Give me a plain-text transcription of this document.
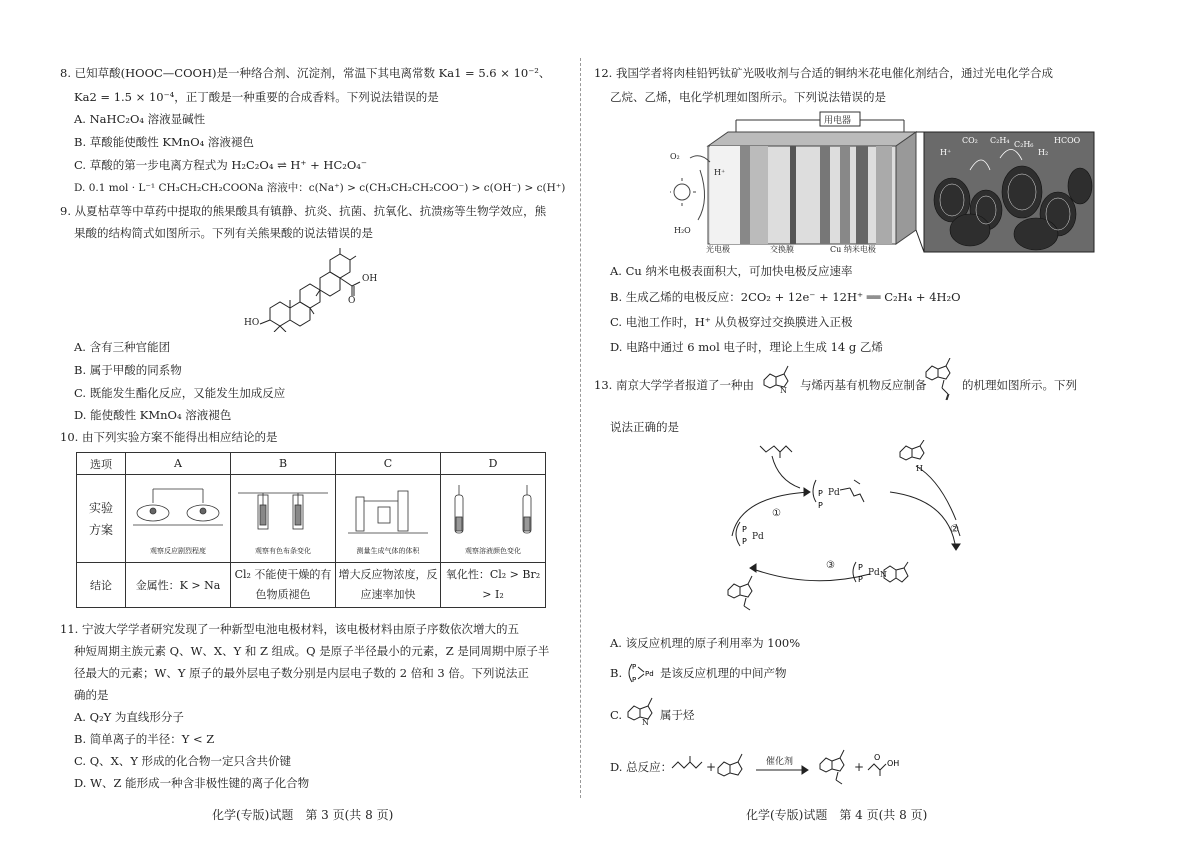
8. 已知草酸(HOOC—COOH)是一种络合剂、沉淀剂，常温下其电离常数 Ka1 = 5.6 × 10⁻²、
Ka2 = 1.5 × 10⁻⁴，正丁酸是一种重要的合成香料。下列说法错误的是
A. NaHC₂O₄ 溶液显碱性
B. 草酸能使酸性 KMnO₄ 溶液褪色
C. 草酸的第一步电离方程式为 H₂C₂O₄ ⇌ H⁺ + HC₂O₄⁻
D. 0.1 mol · L⁻¹ CH₃CH₂CH₂COONa 溶液中：c(Na⁺) > c(CH₃CH₂CH₂COO⁻) > c(OH⁻) > c(H⁺)
9. 从夏枯草等中草药中提取的熊果酸具有镇静、抗炎、抗菌、抗氧化、抗溃疡等生物学效应，熊
果酸的结构简式如图所示。下列有关熊果酸的说法错误的是
OH
O
HO
A. 含有三种官能团
B. 属于甲酸的同系物
C. 既能发生酯化反应，又能发生加成反应
D. 能使酸性 KMnO₄ 溶液褪色
10. 由下列实验方案不能得出相应结论的是
选项	A	B	C	D
实验方案	观察反应剧烈程度	观察有色布条变化	测量生成气体的体积	观察溶液颜色变化

结论	金属性：K > Na	Cl₂ 不能使干燥的有色物质褪色	增大反应物浓度，反应速率加快	氧化性：Cl₂ > Br₂ > I₂
11. 宁波大学学者研究发现了一种新型电池电极材料，该电极材料由原子序数依次增大的五
种短周期主族元素 Q、W、X、Y 和 Z 组成。Q 是原子半径最小的元素，Z 是同周期中原子半
径最大的元素；W、Y 原子的最外层电子数分别是内层电子数的 2 倍和 3 倍。下列说法正
确的是
A. Q₂Y 为直线形分子
B. 简单离子的半径：Y < Z
C. Q、X、Y 形成的化合物一定只含共价键
D. W、Z 能形成一种含非极性键的离子化合物
化学(专版)试题　第 3 页(共 8 页)
12. 我国学者将肉桂铅钙钛矿光吸收剂与合适的铜纳米花电催化剂结合，通过光电化学合成
乙烷、乙烯，电化学机理如图所示。下列说法错误的是
用电器
O₂
H₂O
H⁺
光电极	交换膜	Cu 纳米电极
CO₂
H⁺
C₂H₄ C₂H₆
H₂
HCOO
A. Cu 纳米电极表面积大，可加快电极反应速率
B. 生成乙烯的电极反应：2CO₂ + 12e⁻ + 12H⁺ ══ C₂H₄ + 4H₂O
C. 电池工作时，H⁺ 从负极穿过交换膜进入正极
D. 电路中通过 6 mol 电子时，理论上生成 14 g 乙烯
13. 南京大学学者报道了一种由	N 与烯丙基有机物反应制备	的机理如图所示。下列
说法正确的是
P
P
P
P
P
P
Pd
Pd
Pd N
H
①
②
③
A. 该反应机理的原子利用率为 100%
B. P
P
Pd 是该反应机理的中间产物
C.
N
属于烃
D. 总反应：	OH
O
+	催化剂	+
化学(专版)试题　第 4 页(共 8 页)
